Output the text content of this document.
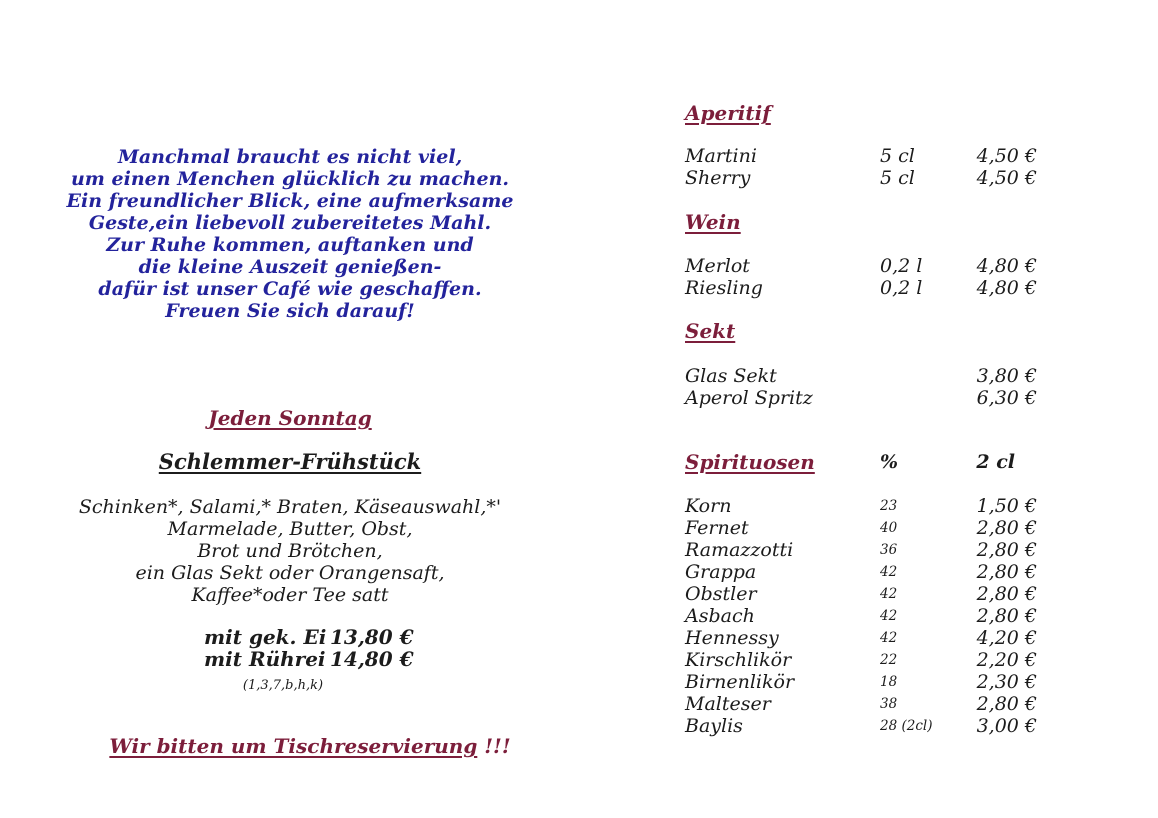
Manchmal braucht es nicht viel,
um einen Menchen glücklich zu machen.
Ein freundlicher Blick, eine aufmerksame
Geste,ein liebevoll zubereitetes Mahl.
Zur Ruhe kommen, auftanken und
die kleine Auszeit genießen-
dafür ist unser Café wie geschaffen.
Freuen Sie sich darauf!
Jeden Sonntag
Schlemmer-Frühstück
Schinken*, Salami,* Braten, Käseauswahl,*'
Marmelade, Butter, Obst,
Brot und Brötchen,
ein Glas Sekt oder Orangensaft,
Kaffee*oder Tee satt
mit gek. Ei 13,80 €
mit Rührei 14,80 €
(1,3,7,b,h,k)
Wir bitten um Tischreservierung !!!
Aperitif
Martini	5 cl	4,50 €
Sherry	5 cl	4,50 €
Wein
Merlot	0,2 l	4,80 €
Riesling	0,2 l	4,80 €
Sekt
Glas Sekt	3,80 €
Aperol Spritz	6,30 €
Spirituosen	%	2 cl
Korn	23	1,50 €
Fernet	40	2,80 €
Ramazzotti	36	2,80 €
Grappa	42	2,80 €
Obstler	42	2,80 €
Asbach	42	2,80 €
Hennessy	42	4,20 €
Kirschlikör	22	2,20 €
Birnenlikör	18	2,30 €
Malteser	38	2,80 €
Baylis	28 (2cl)	3,00 €
